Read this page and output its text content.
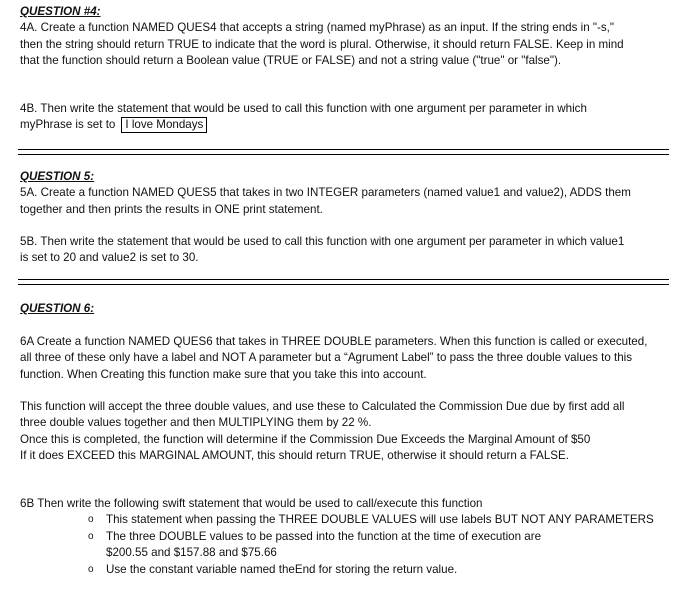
QUESTION #4:
4A. Create a function NAMED QUES4 that accepts a string (named myPhrase) as an input. If the string ends in "-s,"
then the string should return TRUE to indicate that the word is plural. Otherwise, it should return FALSE. Keep in mind
that the function should return a Boolean value (TRUE or FALSE) and not a string value ("true" or "false").
4B. Then write the statement that would be used to call this function with one argument per parameter in which
myPhrase is set to I love Mondays
QUESTION 5:
5A. Create a function NAMED QUES5 that takes in two INTEGER parameters (named value1 and value2), ADDS them
together and then prints the results in ONE print statement.
5B. Then write the statement that would be used to call this function with one argument per parameter in which value1
is set to 20 and value2 is set to 30.
QUESTION 6:
6A Create a function NAMED QUES6 that takes in THREE DOUBLE parameters. When this function is called or executed,
all three of these only have a label and NOT A parameter but a “Agrument Label” to pass the three double values to this
function. When Creating this function make sure that you take this into account.
This function will accept the three double values, and use these to Calculated the Commission Due due by first add all
three double values together and then MULTIPLYING them by 22 %.
Once this is completed, the function will determine if the Commission Due Exceeds the Marginal Amount of $50
If it does EXCEED this MARGINAL AMOUNT, this should return TRUE, otherwise it should return a FALSE.
6B Then write the following swift statement that would be used to call/execute this function
o This statement when passing the THREE DOUBLE VALUES will use labels BUT NOT ANY PARAMETERS
o The three DOUBLE values to be passed into the function at the time of execution are
$200.55 and $157.88 and $75.66
o Use the constant variable named theEnd for storing the return value.
